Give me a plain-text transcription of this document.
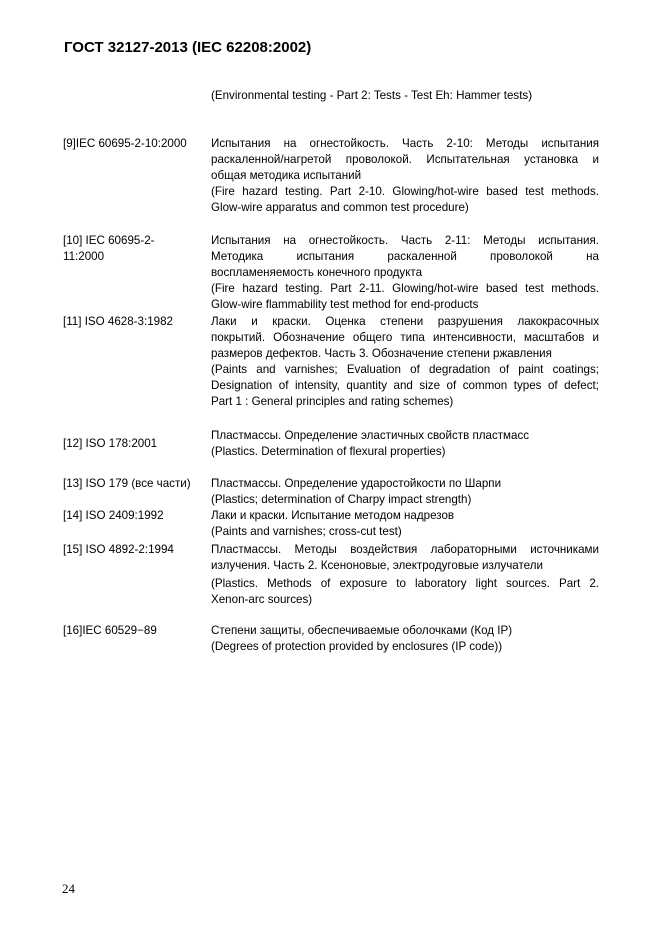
ГОСТ 32127-2013 (IEC 62208:2002)

(Environmental testing - Part 2: Tests - Test Eh: Hammer tests)

[9]IEC 60695-2-10:2000	Испытания на огнестойкость. Часть 2-10: Методы испытания

раскаленной/нагретой проволокой. Испытательная установка и

общая методика испытаний

(Fire hazard testing. Part 2-10. Glowing/hot-wire based test methods.

Glow-wire apparatus and common test procedure)

[10] IEC 60695-2-11:2000

Испытания на огнестойкость. Часть 2-11: Методы испытания.

Методика испытания раскаленной проволокой на

воспламеняемость конечного продукта

(Fire hazard testing. Part 2-11. Glowing/hot-wire based test methods.

Glow-wire flammability test method for end-products

[11] ISO 4628-3:1982	Лаки и краски. Оценка степени разрушения лакокрасочных

покрытий. Обозначение общего типа интенсивности, масштабов и

размеров дефектов. Часть 3. Обозначение степени ржавления

(Paints and varnishes; Evaluation of degradation of paint coatings;

Designation of intensity, quantity and size of common types of defect;

Part 1 : General principles and rating schemes)

[12] ISO 178:2001

Пластмассы. Определение эластичных свойств пластмасс

(Plastics. Determination of flexural properties)

[13] ISO 179 (все части)	Пластмассы. Определение ударостойкости по Шарпи

(Plastics; determination of Charpy impact strength)

[14] ISO 2409:1992	Лаки и краски. Испытание методом надрезов

(Paints and varnishes; cross-cut test)

[15] ISO 4892-2:1994	Пластмассы. Методы воздействия лабораторными источниками

излучения. Часть 2. Ксеноновые, электродуговые излучатели

(Plastics. Methods of exposure to laboratory light sources. Part 2.

Xenon-arc sources)

[16]IEC 60529−89	Степени защиты, обеспечиваемые оболочками (Код IP)

(Degrees of protection provided by enclosures (IP code))

24
